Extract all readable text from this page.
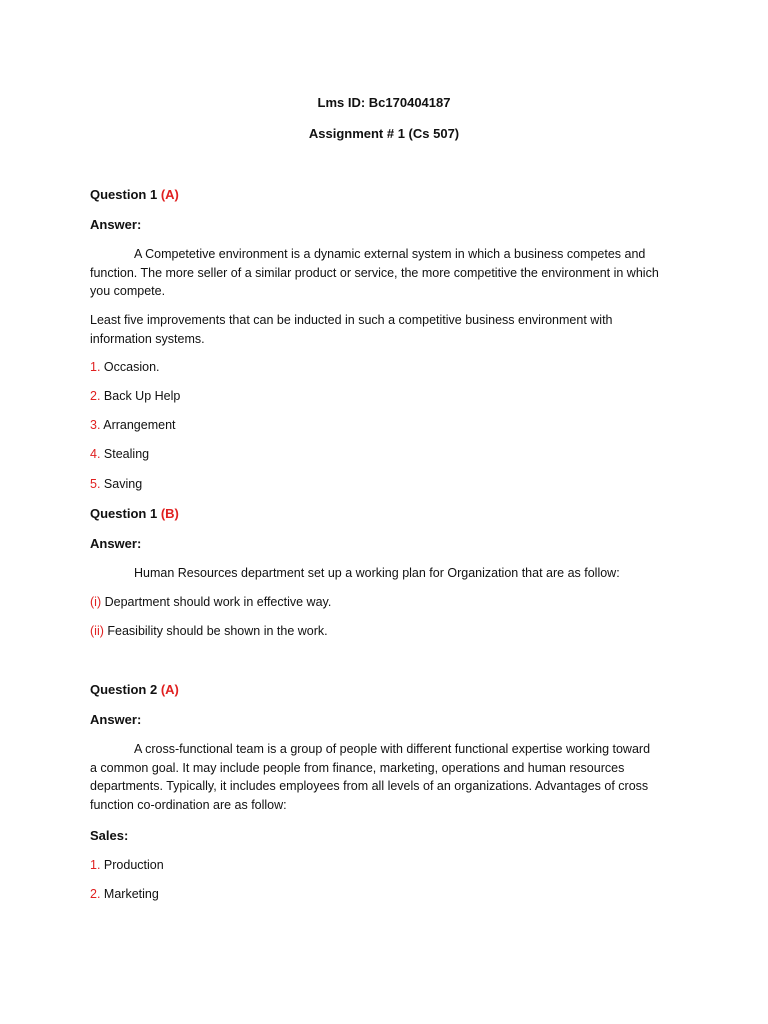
Lms ID: Bc170404187
Assignment # 1 (Cs 507)
Question 1 (A)
Answer:

A Competetive environment is a dynamic external system in which a business competes and

function. The more seller of a similar product or service, the more competitive the environment in which

you compete.

Least five improvements that can be inducted in such a competitive business environment with

information systems.

1. Occasion.
2. Back Up Help
3. Arrangement
4. Stealing
5. Saving
Question 1 (B)
Answer:
Human Resources department set up a working plan for Organization that are as follow:
(i) Department should work in effective way.
(ii) Feasibility should be shown in the work.
Question 2 (A)
Answer:

A cross-functional team is a group of people with different functional expertise working toward

a common goal. It may include people from finance, marketing, operations and human resources

departments. Typically, it includes employees from all levels of an organizations. Advantages of cross

function co-ordination are as follow:

Sales:
1. Production
2. Marketing
